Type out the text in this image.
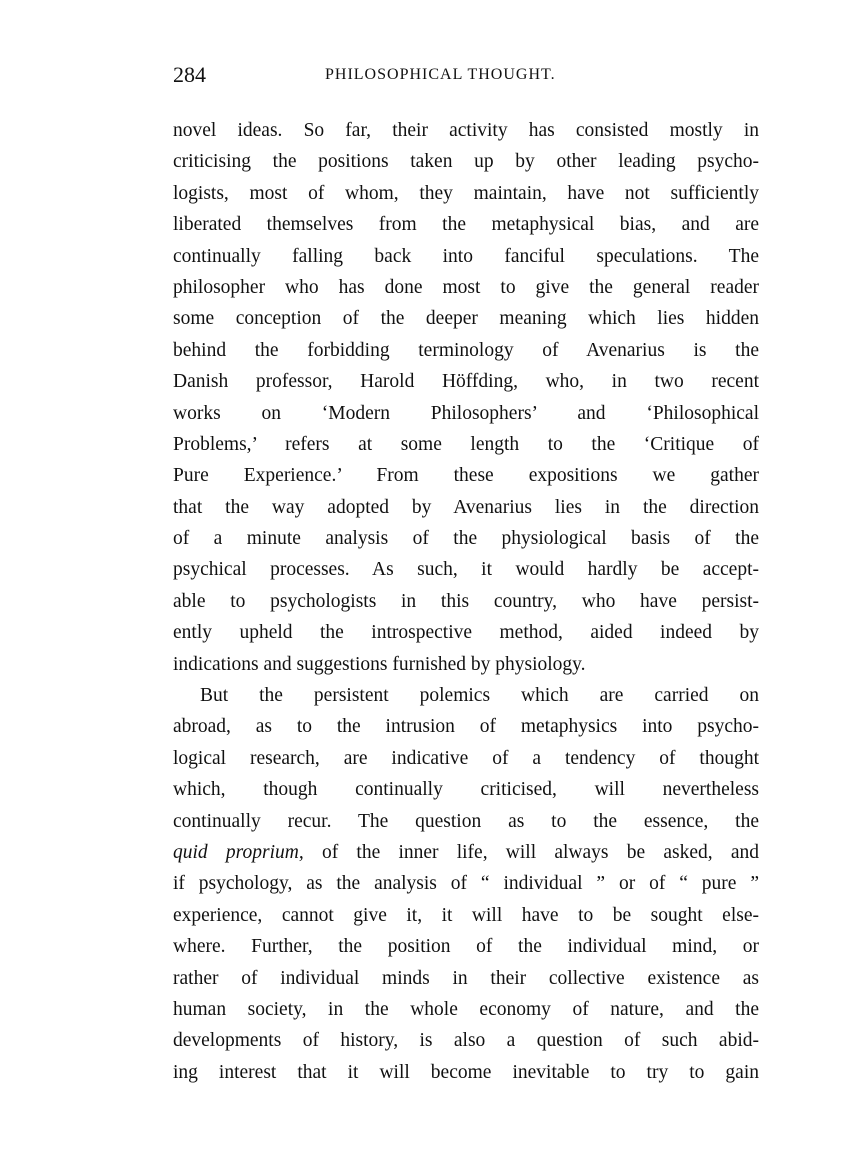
284	PHILOSOPHICAL THOUGHT.
novel ideas. So far, their activity has consisted mostly in
criticising the positions taken up by other leading psycho-
logists, most of whom, they maintain, have not sufficiently
liberated themselves from the metaphysical bias, and are
continually falling back into fanciful speculations. The
philosopher who has done most to give the general reader
some conception of the deeper meaning which lies hidden
behind the forbidding terminology of Avenarius is the
Danish professor, Harold Höffding, who, in two recent
works on ‘Modern Philosophers’ and ‘Philosophical
Problems,’ refers at some length to the ‘Critique of
Pure Experience.’ From these expositions we gather
that the way adopted by Avenarius lies in the direction
of a minute analysis of the physiological basis of the
psychical processes. As such, it would hardly be accept-
able to psychologists in this country, who have persist-
ently upheld the introspective method, aided indeed by
indications and suggestions furnished by physiology.
But the persistent polemics which are carried on
abroad, as to the intrusion of metaphysics into psycho-
logical research, are indicative of a tendency of thought
which, though continually criticised, will nevertheless
continually recur. The question as to the essence, the
quid proprium, of the inner life, will always be asked, and
if psychology, as the analysis of “ individual ” or of “ pure ”
experience, cannot give it, it will have to be sought else-
where. Further, the position of the individual mind, or
rather of individual minds in their collective existence as
human society, in the whole economy of nature, and the
developments of history, is also a question of such abid-
ing interest that it will become inevitable to try to gain
